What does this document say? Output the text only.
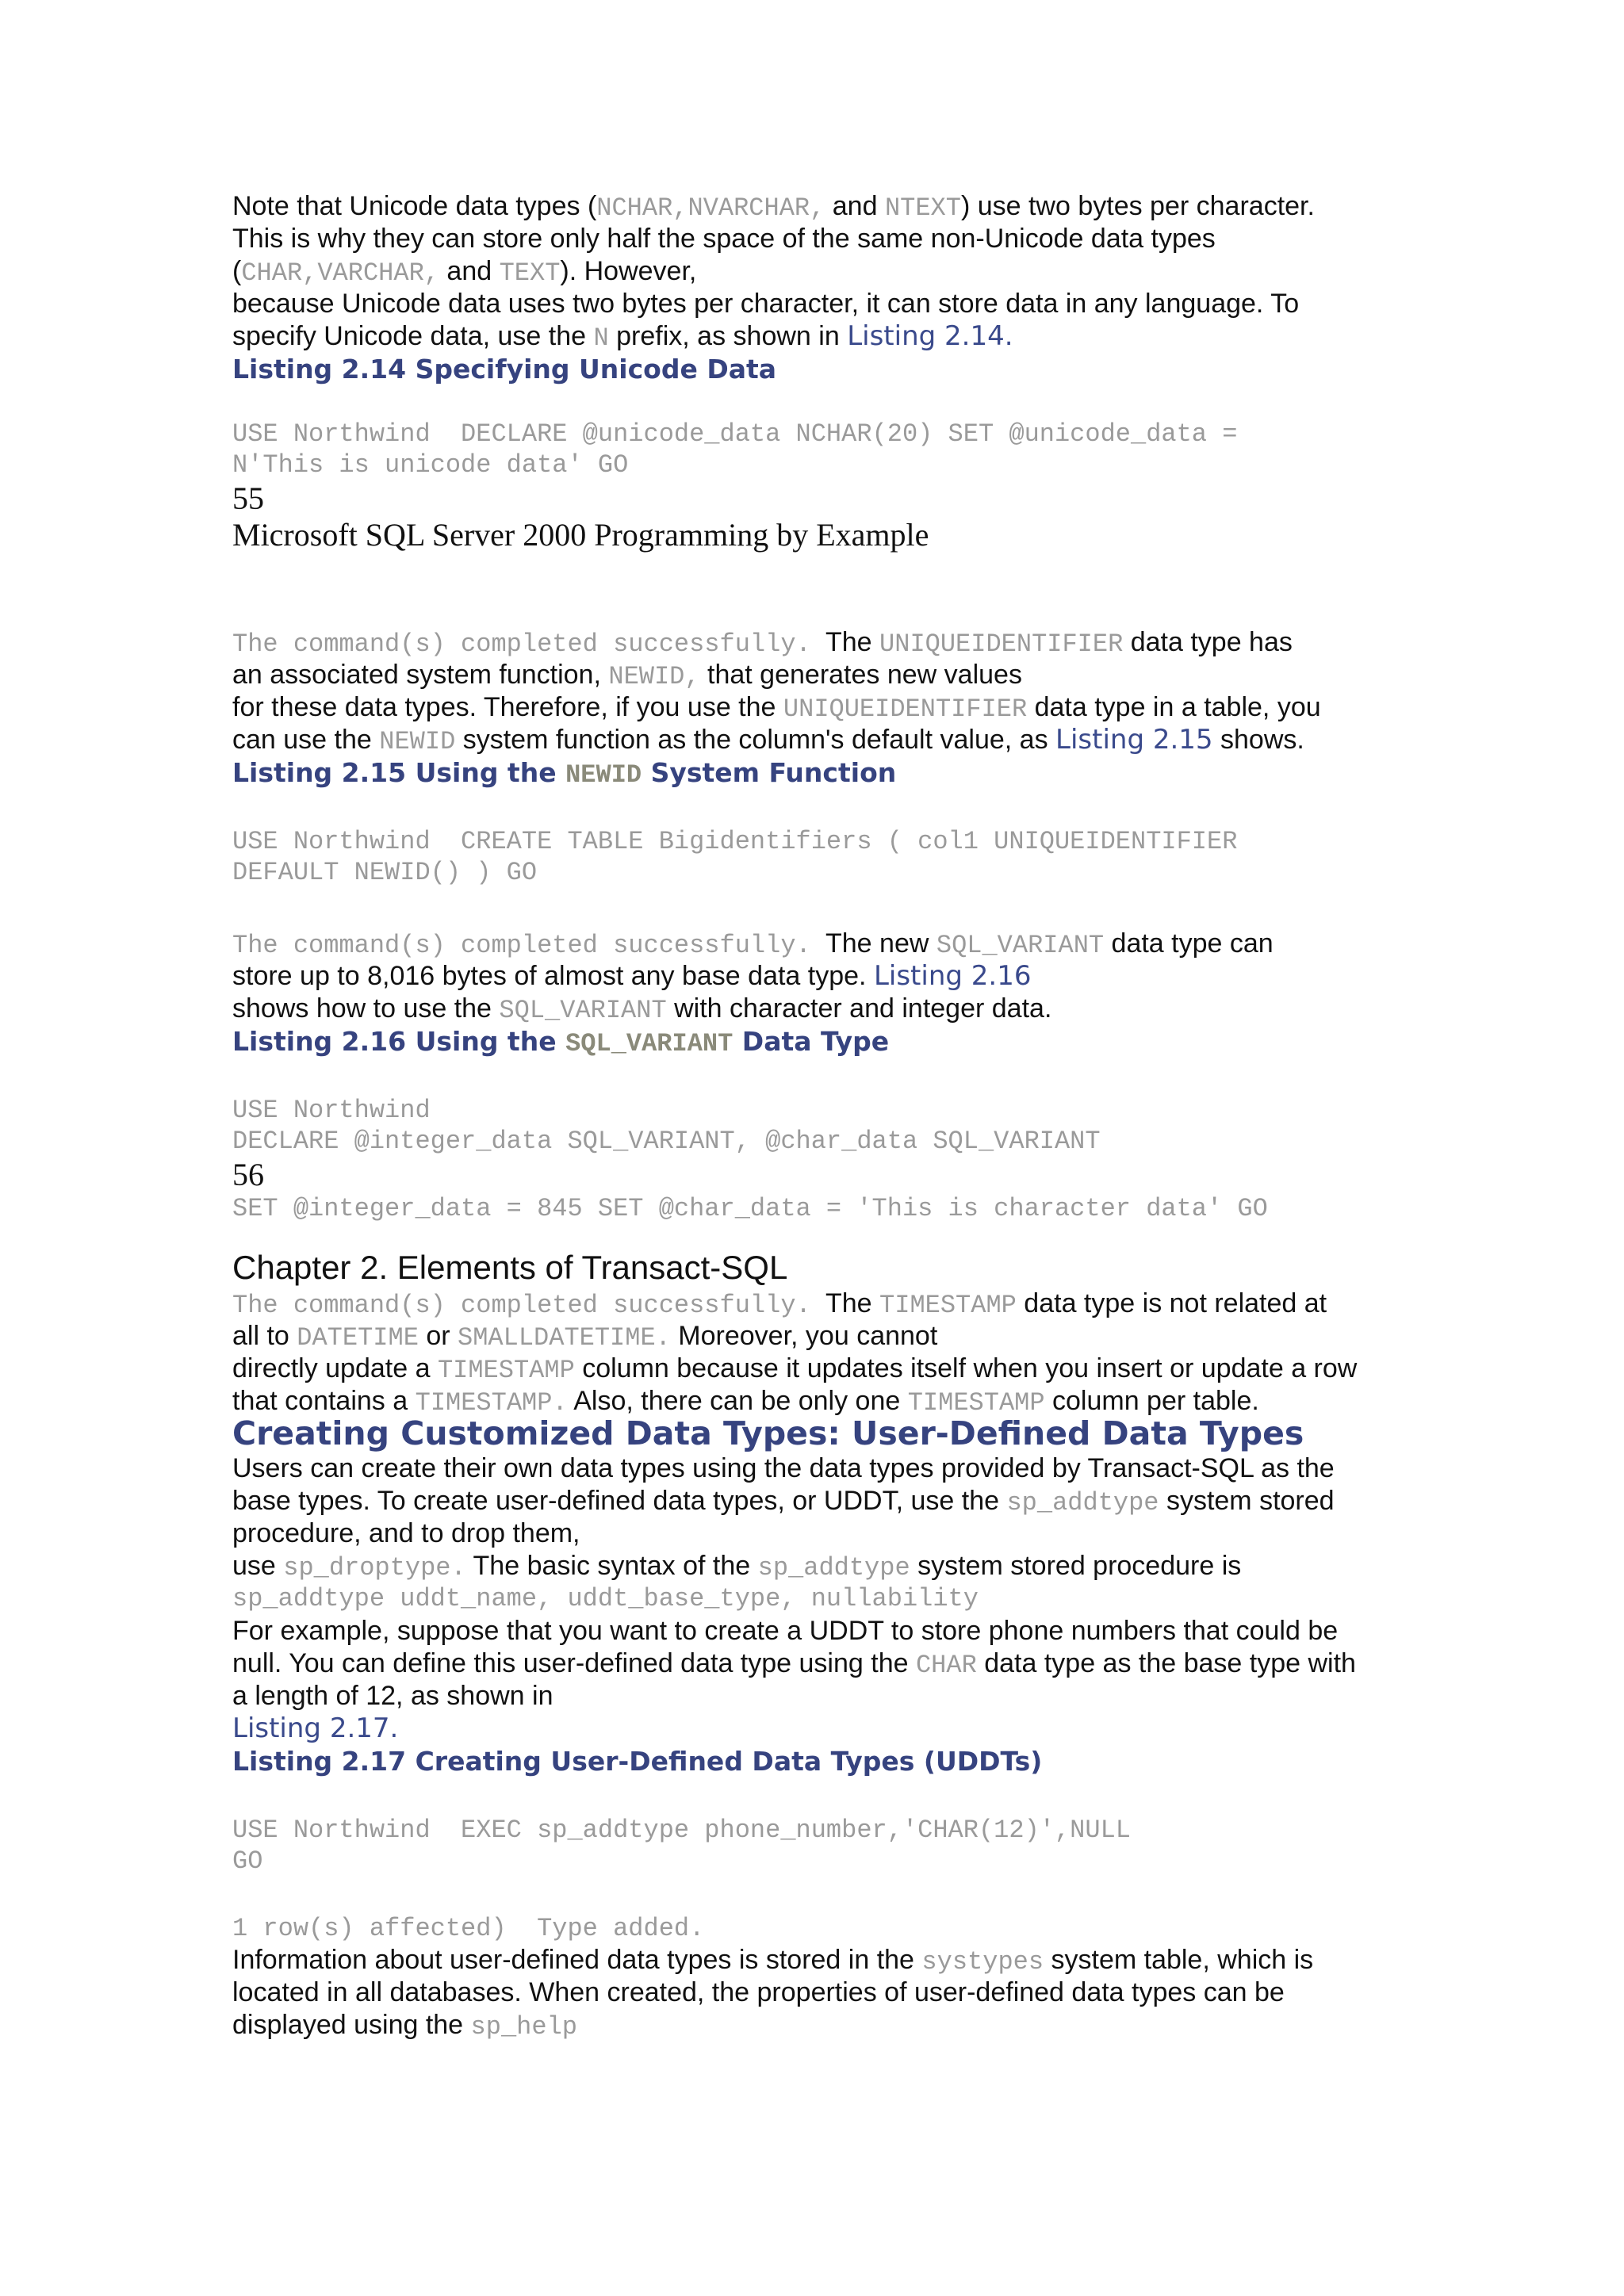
Note that Unicode data types (NCHAR,NVARCHAR, and NTEXT) use two bytes per character.
This is why they can store only half the space of the same non-Unicode data types
(CHAR,VARCHAR, and TEXT). However,
because Unicode data uses two bytes per character, it can store data in any language. To
specify Unicode data, use the N prefix, as shown in Listing 2.14.
Listing 2.14 Specifying Unicode Data
USE Northwind  DECLARE @unicode_data NCHAR(20) SET @unicode_data =
N'This is unicode data' GO
55
Microsoft SQL Server 2000 Programming by Example
The command(s) completed successfully.  The UNIQUEIDENTIFIER data type has
an associated system function, NEWID, that generates new values
for these data types. Therefore, if you use the UNIQUEIDENTIFIER data type in a table, you
can use the NEWID system function as the column's default value, as Listing 2.15 shows.
Listing 2.15 Using the NEWID System Function
USE Northwind  CREATE TABLE Bigidentifiers ( col1 UNIQUEIDENTIFIER
DEFAULT NEWID() ) GO
The command(s) completed successfully.  The new SQL_VARIANT data type can
store up to 8,016 bytes of almost any base data type. Listing 2.16
shows how to use the SQL_VARIANT with character and integer data.
Listing 2.16 Using the SQL_VARIANT Data Type
USE Northwind
DECLARE @integer_data SQL_VARIANT, @char_data SQL_VARIANT
56
SET @integer_data = 845 SET @char_data = 'This is character data' GO
Chapter 2. Elements of Transact-SQL
The command(s) completed successfully.  The TIMESTAMP data type is not related at
all to DATETIME or SMALLDATETIME. Moreover, you cannot
directly update a TIMESTAMP column because it updates itself when you insert or update a row
that contains a TIMESTAMP. Also, there can be only one TIMESTAMP column per table.
Creating Customized Data Types: User-Defined Data Types
Users can create their own data types using the data types provided by Transact-SQL as the
base types. To create user-defined data types, or UDDT, use the sp_addtype system stored
procedure, and to drop them,
use sp_droptype. The basic syntax of the sp_addtype system stored procedure is
sp_addtype uddt_name, uddt_base_type, nullability
For example, suppose that you want to create a UDDT to store phone numbers that could be
null. You can define this user-defined data type using the CHAR data type as the base type with
a length of 12, as shown in
Listing 2.17.
Listing 2.17 Creating User-Defined Data Types (UDDTs)
USE Northwind  EXEC sp_addtype phone_number,'CHAR(12)',NULL
GO
1 row(s) affected)  Type added.
Information about user-defined data types is stored in the systypes system table, which is
located in all databases. When created, the properties of user-defined data types can be
displayed using the sp_help
